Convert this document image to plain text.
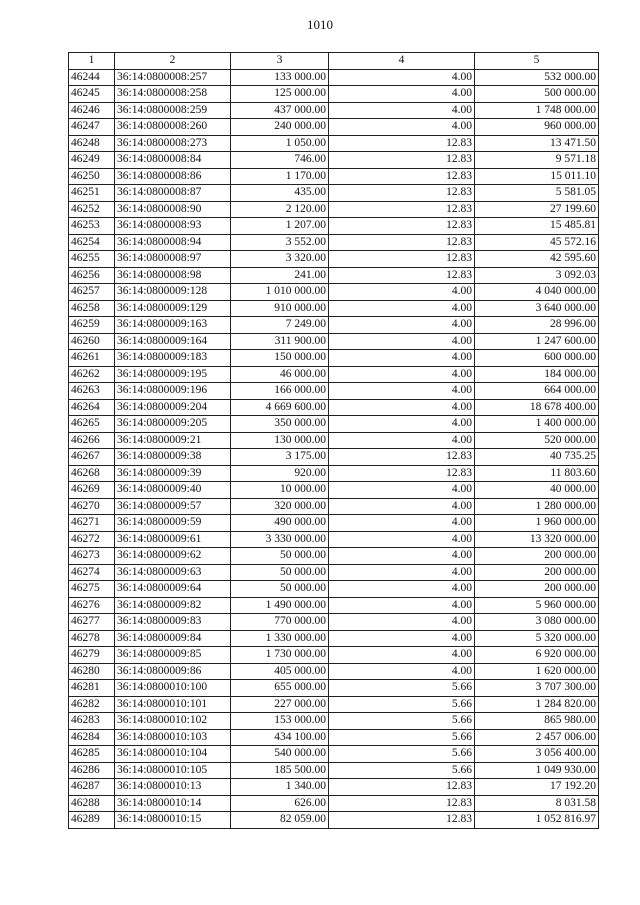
1010
1	2	3	4	5
46244	36:14:0800008:257	133 000.00	4.00	532 000.00
46245	36:14:0800008:258	125 000.00	4.00	500 000.00
46246	36:14:0800008:259	437 000.00	4.00	1 748 000.00
46247	36:14:0800008:260	240 000.00	4.00	960 000.00
46248	36:14:0800008:273	1 050.00	12.83	13 471.50
46249	36:14:0800008:84	746.00	12.83	9 571.18
46250	36:14:0800008:86	1 170.00	12.83	15 011.10
46251	36:14:0800008:87	435.00	12.83	5 581.05
46252	36:14:0800008:90	2 120.00	12.83	27 199.60
46253	36:14:0800008:93	1 207.00	12.83	15 485.81
46254	36:14:0800008:94	3 552.00	12.83	45 572.16
46255	36:14:0800008:97	3 320.00	12.83	42 595.60
46256	36:14:0800008:98	241.00	12.83	3 092.03
46257	36:14:0800009:128	1 010 000.00	4.00	4 040 000.00
46258	36:14:0800009:129	910 000.00	4.00	3 640 000.00
46259	36:14:0800009:163	7 249.00	4.00	28 996.00
46260	36:14:0800009:164	311 900.00	4.00	1 247 600.00
46261	36:14:0800009:183	150 000.00	4.00	600 000.00
46262	36:14:0800009:195	46 000.00	4.00	184 000.00
46263	36:14:0800009:196	166 000.00	4.00	664 000.00
46264	36:14:0800009:204	4 669 600.00	4.00	18 678 400.00
46265	36:14:0800009:205	350 000.00	4.00	1 400 000.00
46266	36:14:0800009:21	130 000.00	4.00	520 000.00
46267	36:14:0800009:38	3 175.00	12.83	40 735.25
46268	36:14:0800009:39	920.00	12.83	11 803.60
46269	36:14:0800009:40	10 000.00	4.00	40 000.00
46270	36:14:0800009:57	320 000.00	4.00	1 280 000.00
46271	36:14:0800009:59	490 000.00	4.00	1 960 000.00
46272	36:14:0800009:61	3 330 000.00	4.00	13 320 000.00
46273	36:14:0800009:62	50 000.00	4.00	200 000.00
46274	36:14:0800009:63	50 000.00	4.00	200 000.00
46275	36:14:0800009:64	50 000.00	4.00	200 000.00
46276	36:14:0800009:82	1 490 000.00	4.00	5 960 000.00
46277	36:14:0800009:83	770 000.00	4.00	3 080 000.00
46278	36:14:0800009:84	1 330 000.00	4.00	5 320 000.00
46279	36:14:0800009:85	1 730 000.00	4.00	6 920 000.00
46280	36:14:0800009:86	405 000.00	4.00	1 620 000.00
46281	36:14:0800010:100	655 000.00	5.66	3 707 300.00
46282	36:14:0800010:101	227 000.00	5.66	1 284 820.00
46283	36:14:0800010:102	153 000.00	5.66	865 980.00
46284	36:14:0800010:103	434 100.00	5.66	2 457 006.00
46285	36:14:0800010:104	540 000.00	5.66	3 056 400.00
46286	36:14:0800010:105	185 500.00	5.66	1 049 930.00
46287	36:14:0800010:13	1 340.00	12.83	17 192.20
46288	36:14:0800010:14	626.00	12.83	8 031.58
46289	36:14:0800010:15	82 059.00	12.83	1 052 816.97
